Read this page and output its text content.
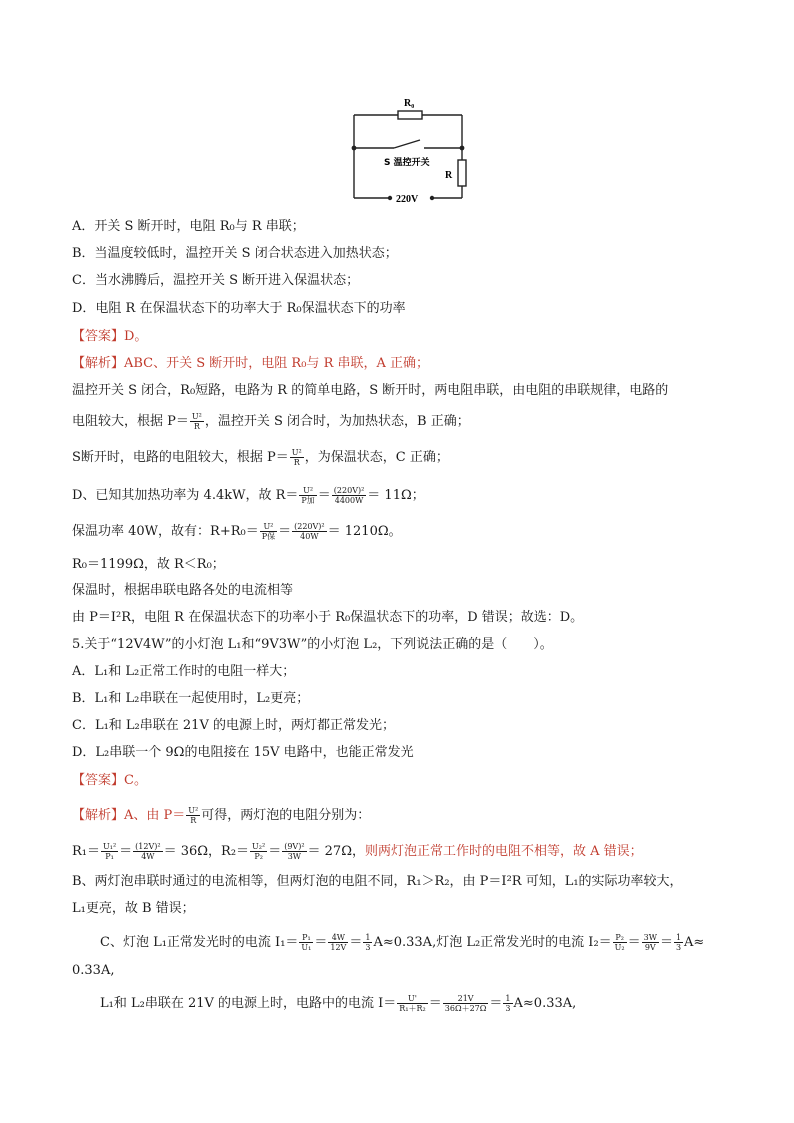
R₀
S 温控开关
R
220V
A．开关 S 断开时，电阻 R₀与 R 串联；
B．当温度较低时，温控开关 S 闭合状态进入加热状态；
C．当水沸腾后，温控开关 S 断开进入保温状态；
D．电阻 R 在保温状态下的功率大于 R₀保温状态下的功率
【答案】D。
【解析】ABC、开关 S 断开时，电阻 R₀与 R 串联，A 正确；
温控开关 S 闭合，R₀短路，电路为 R 的简单电路，S 断开时，两电阻串联，由电阻的串联规律，电路的
电阻较大，根据 $P= \frac{\text{U²}}{R}$ ，温控开关 S 闭合时，为加热状态，B 正确；
S断开时，电路的电阻较大，根据 $P= \frac{\text{U²}}{R}$ ，为保温状态，C 正确；
D、已知其加热功率为 4.4kW，故 $R= \frac{\text{U²}}{\text{P加}} = \frac{\text{(220V)²}}{4400W} = 11\Omega$；
保温功率 40W，故有：$R+R_0= \frac{\text{U²}}{\text{P保}} = \frac{\text{(220V)²}}{40W} = 1210\Omega$。
R₀＝1199Ω，故 R＜R₀；
保温时，根据串联电路各处的电流相等
由 P＝I²R，电阻 R 在保温状态下的功率小于 R₀保温状态下的功率，D 错误；故选：D。
5.关于“12V4W”的小灯泡 L₁和“9V3W”的小灯泡 L₂，下列说法正确的是（　　）。
A．L₁和 L₂正常工作时的电阻一样大；
B．L₁和 L₂串联在一起使用时，L₂更亮；
C．L₁和 L₂串联在 21V 的电源上时，两灯都正常发光；
D．L₂串联一个 9Ω的电阻接在 15V 电路中，也能正常发光
【答案】C。
【解析】A、由 $P= \frac{\text{U²}}{R}$ 可得，两灯泡的电阻分别为：
$R_1= \frac{\text{U₁²}}{\text{P₁}} = \frac{\text{(12V)²}}{4W} = 36\Omega$，$R_2= \frac{\text{U₂²}}{\text{P₂}} = \frac{\text{(9V)²}}{3W} = 27\Omega$，则两灯泡正常工作时的电阻不相等，故 A 错误；
B、两灯泡串联时通过的电流相等，但两灯泡的电阻不同，R₁＞R₂，由 P＝I²R 可知，L₁的实际功率较大，
L₁更亮，故 B 错误；
C、灯泡 L₁正常发光时的电流 $I_1= \frac{\text{P₁}}{\text{U₁}} = \frac{4W}{12V} = \frac{1}{3} A\approx 0.33A$,灯泡 L₂正常发光时的电流 $I_2= \frac{\text{P₂}}{\text{U₂}} = \frac{3W}{9V} = \frac{1}{3} A\approx$
0.33A,
L₁和 L₂串联在 21V 的电源上时，电路中的电流 $I= \frac{U'}{\text{R₁＋R₂}} = \frac{21V}{36\Omega+27\Omega} = \frac{1}{3} A\approx 0.33A$,
